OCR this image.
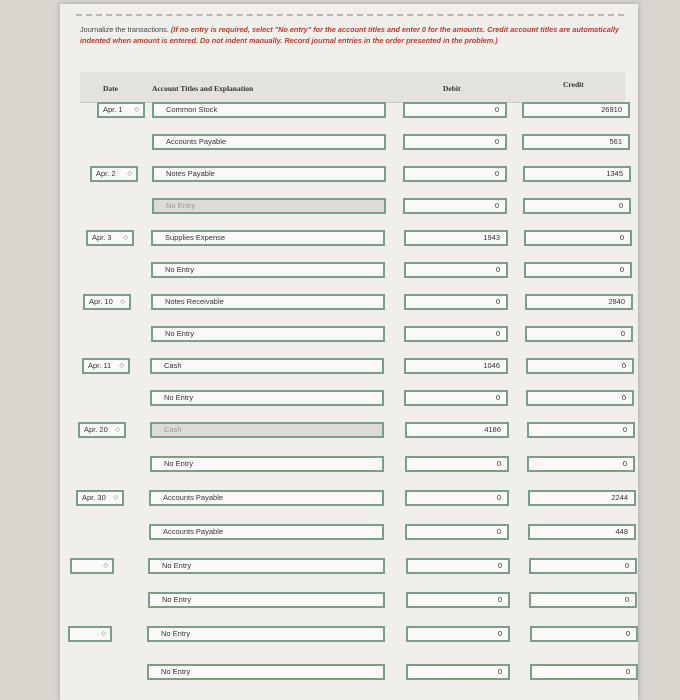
Journalize the transactions. (If no entry is required, select "No entry" for the account titles and enter 0 for the amounts. Credit account titles are automatically indented when amount is entered. Do not indent manually. Record journal entries in the order presented in the problem.)
Date	Account Titles and Explanation	Debit	Credit
Apr. 1 ◇	Common Stock	0	26910
Accounts Payable	0	561
Apr. 2 ◇	Notes Payable	0	1345
No Entry	0	0
Apr. 3 ◇	Supplies Expense	1943	0
No Entry	0	0
Apr. 10 ◇	Notes Receivable	0	2840
No Entry	0	0
Apr. 11 ◇	Cash	1046	0
No Entry	0	0
Apr. 20 ◇	Cash	4186	0
No Entry	0	0
Apr. 30 ◇	Accounts Payable	0	2244
Accounts Payable	0	448
◇	No Entry	0	0
No Entry	0	0
◇	No Entry	0	0
No Entry	0	0
